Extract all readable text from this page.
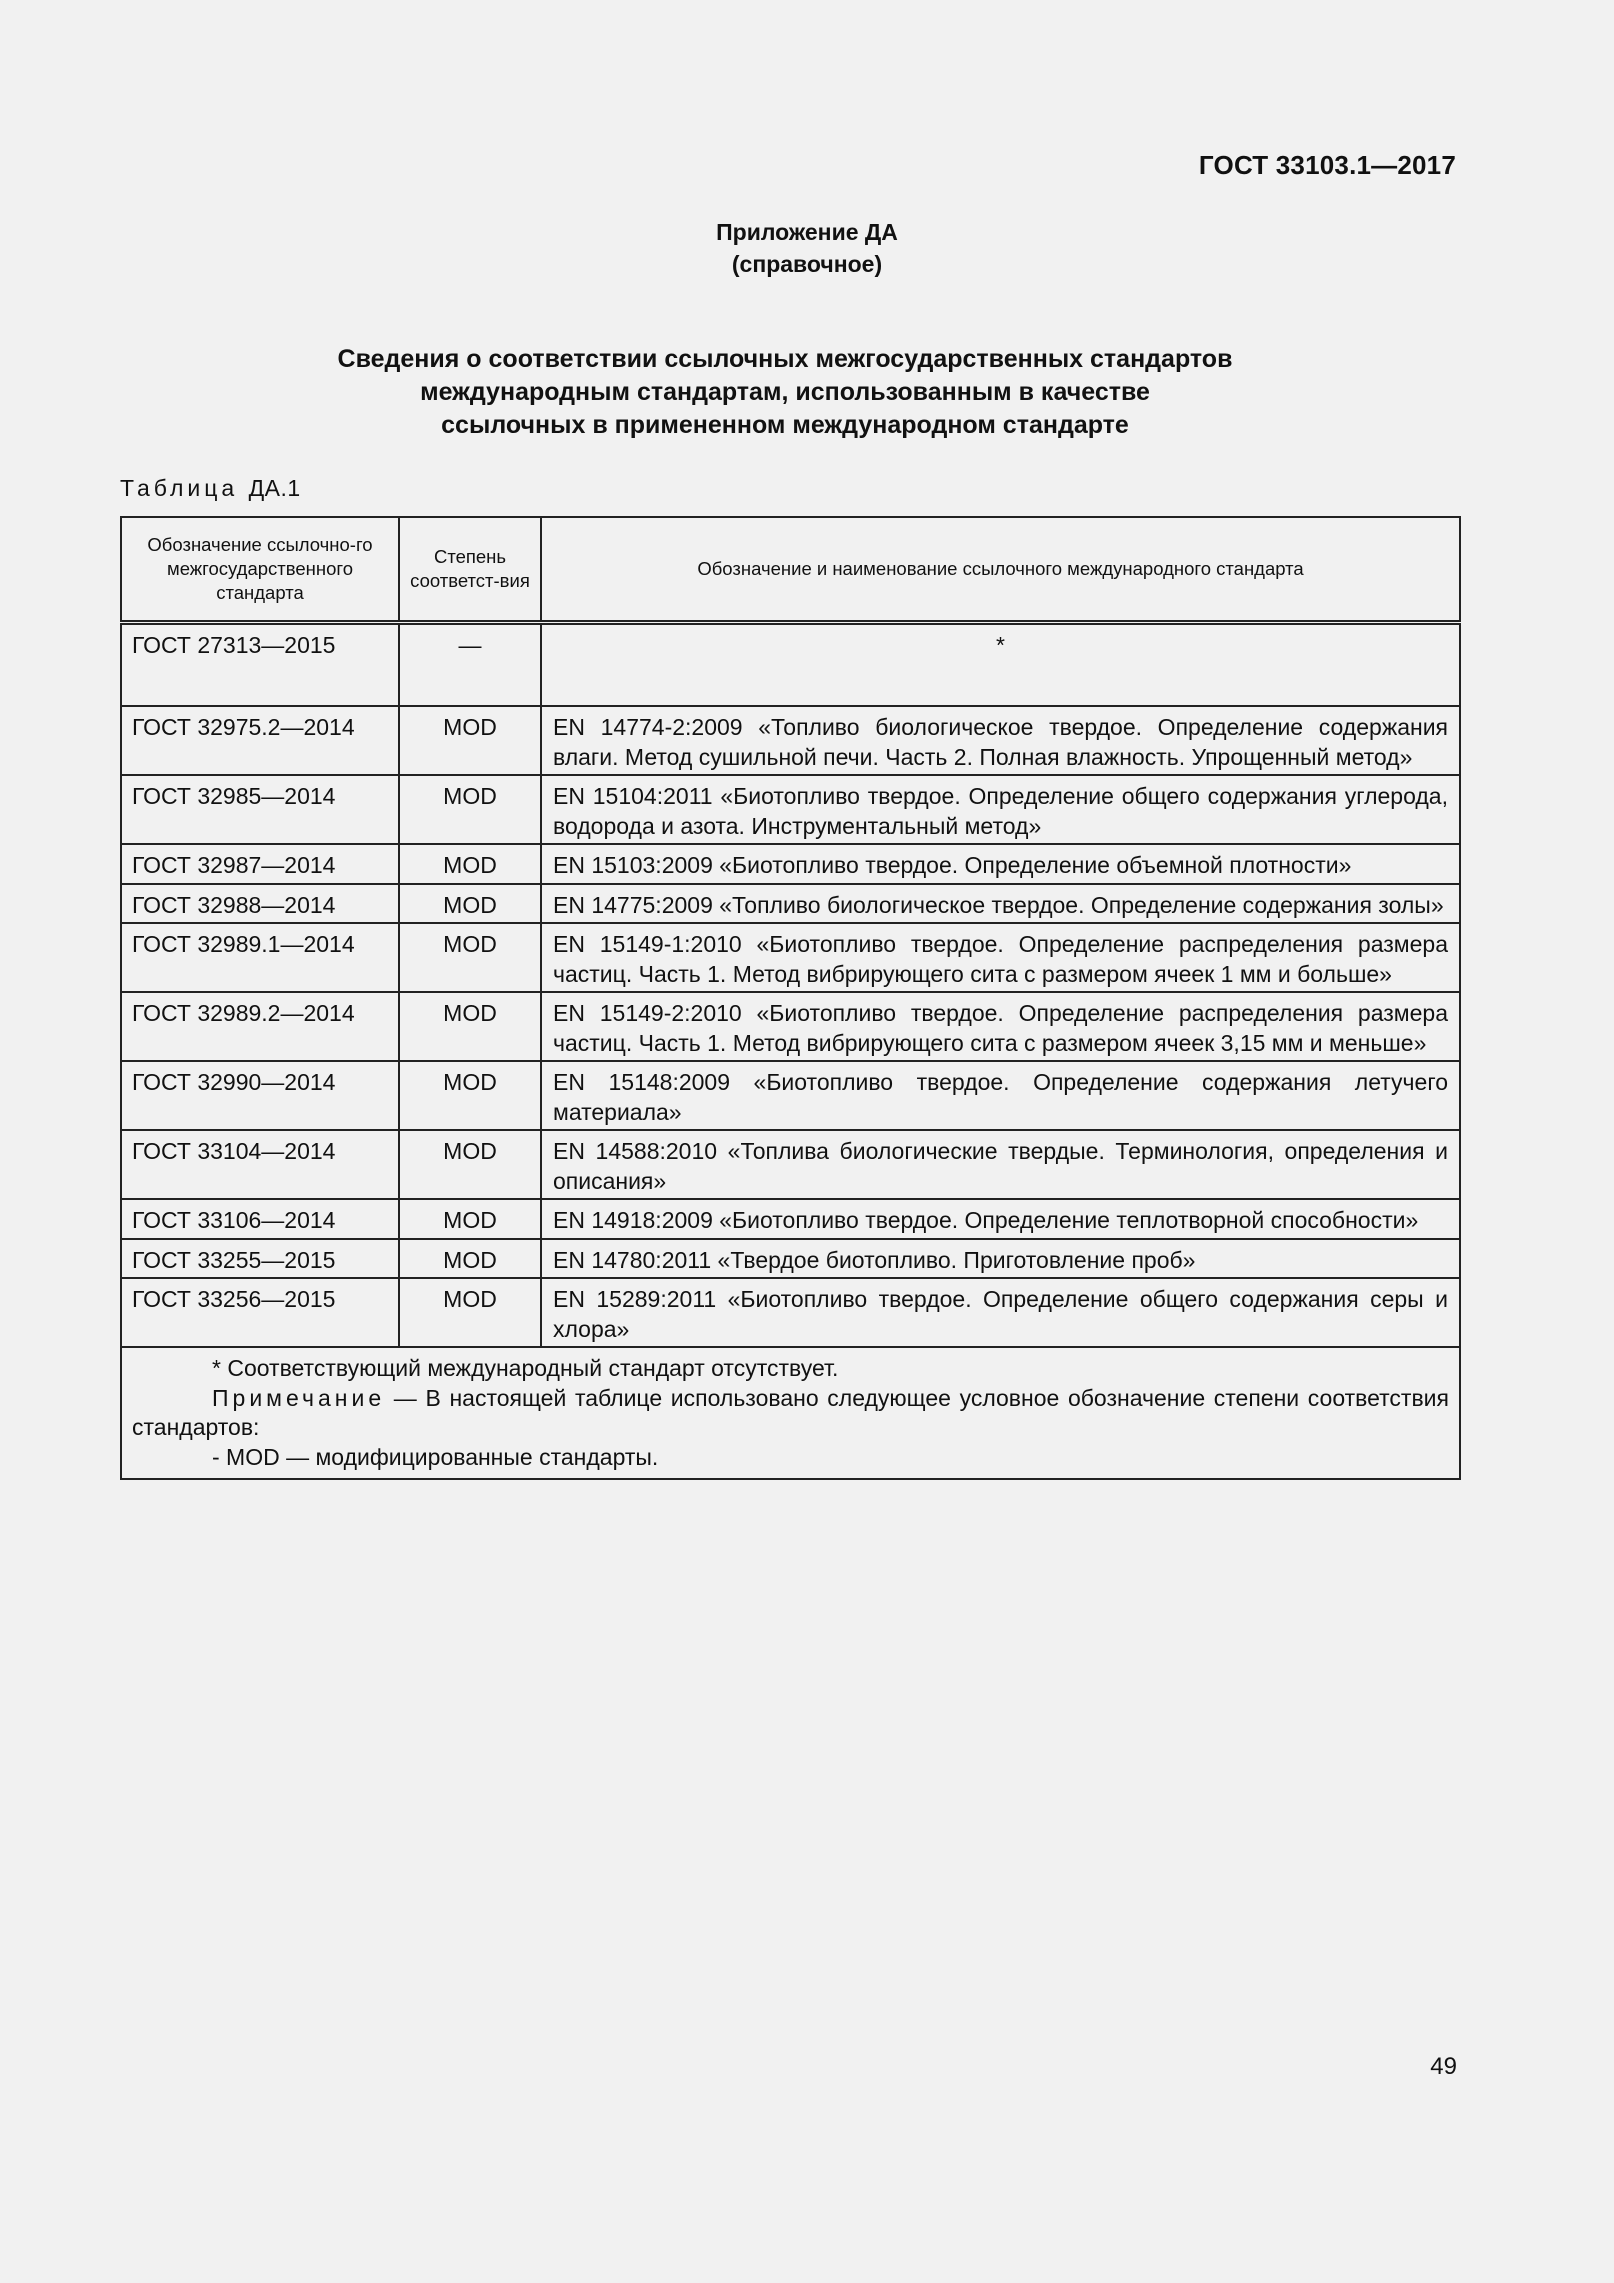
ГОСТ 33103.1—2017
Приложение ДА
(справочное)
Сведения о соответствии ссылочных межгосударственных стандартов
международным стандартам, использованным в качестве
ссылочных в примененном международном стандарте
Таблица ДА.1
Обозначение ссылочно-го межгосударственного стандарта	Степень соответст-вия	Обозначение и наименование ссылочного международного стандарта
ГОСТ 27313—2015	—	*
ГОСТ 32975.2—2014	MOD	EN 14774-2:2009 «Топливо биологическое твердое. Определение содержания влаги. Метод сушильной печи. Часть 2. Полная влажность. Упрощенный метод»
ГОСТ 32985—2014	MOD	EN 15104:2011 «Биотопливо твердое. Определение общего содержания углерода, водорода и азота. Инструментальный метод»
ГОСТ 32987—2014	MOD	EN 15103:2009 «Биотопливо твердое. Определение объемной плотности»
ГОСТ 32988—2014	MOD	EN 14775:2009 «Топливо биологическое твердое. Определение содержания золы»
ГОСТ 32989.1—2014	MOD	EN 15149-1:2010 «Биотопливо твердое. Определение распределения размера частиц. Часть 1. Метод вибрирующего сита с размером ячеек 1 мм и больше»
ГОСТ 32989.2—2014	MOD	EN 15149-2:2010 «Биотопливо твердое. Определение распределения размера частиц. Часть 1. Метод вибрирующего сита с размером ячеек 3,15 мм и меньше»
ГОСТ 32990—2014	MOD	EN 15148:2009 «Биотопливо твердое. Определение содержания летучего материала»
ГОСТ 33104—2014	MOD	EN 14588:2010 «Топлива биологические твердые. Терминология, определения и описания»
ГОСТ 33106—2014	MOD	EN 14918:2009 «Биотопливо твердое. Определение теплотворной способности»
ГОСТ 33255—2015	MOD	EN 14780:2011 «Твердое биотопливо. Приготовление проб»
ГОСТ 33256—2015	MOD	EN 15289:2011 «Биотопливо твердое. Определение общего содержания серы и хлора»

* Соответствующий международный стандарт отсутствует.
Примечание — В настоящей таблице использовано следующее условное обозначение степени соответствия стандартов:
- MOD — модифицированные стандарты.		
49
